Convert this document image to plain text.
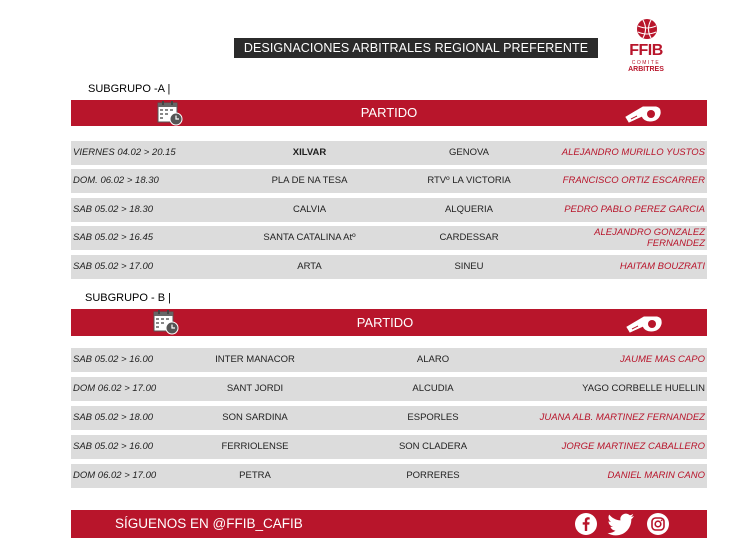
DESIGNACIONES ARBITRALES REGIONAL PREFERENTE	FFIB
COMITE
ARBITRES
SUBGRUPO -A |
PARTIDO
VIERNES 04.02 > 20.15	XILVAR	GENOVA	ALEJANDRO MURILLO YUSTOS
DOM. 06.02 > 18.30	PLA DE NA TESA	RTVº LA VICTORIA	FRANCISCO ORTIZ ESCARRER
SAB 05.02 > 18.30	CALVIA	ALQUERIA	PEDRO PABLO PEREZ GARCIA
SAB 05.02 > 16.45	SANTA CATALINA Atº	CARDESSAR	ALEJANDRO GONZALEZ
FERNANDEZ
SAB 05.02 > 17.00	ARTA	SINEU	HAITAM BOUZRATI
SUBGRUPO - B |
PARTIDO
SAB 05.02 > 16.00	INTER MANACOR	ALARO	JAUME MAS CAPO
DOM 06.02 > 17.00	SANT JORDI	ALCUDIA	YAGO CORBELLE HUELLIN
SAB 05.02 > 18.00	SON SARDINA	ESPORLES	JUANA ALB. MARTINEZ FERNANDEZ
SAB 05.02 > 16.00	FERRIOLENSE	SON CLADERA	JORGE MARTINEZ CABALLERO
DOM 06.02 > 17.00	PETRA	PORRERES	DANIEL MARIN CANO
SÍGUENOS EN @FFIB_CAFIB
